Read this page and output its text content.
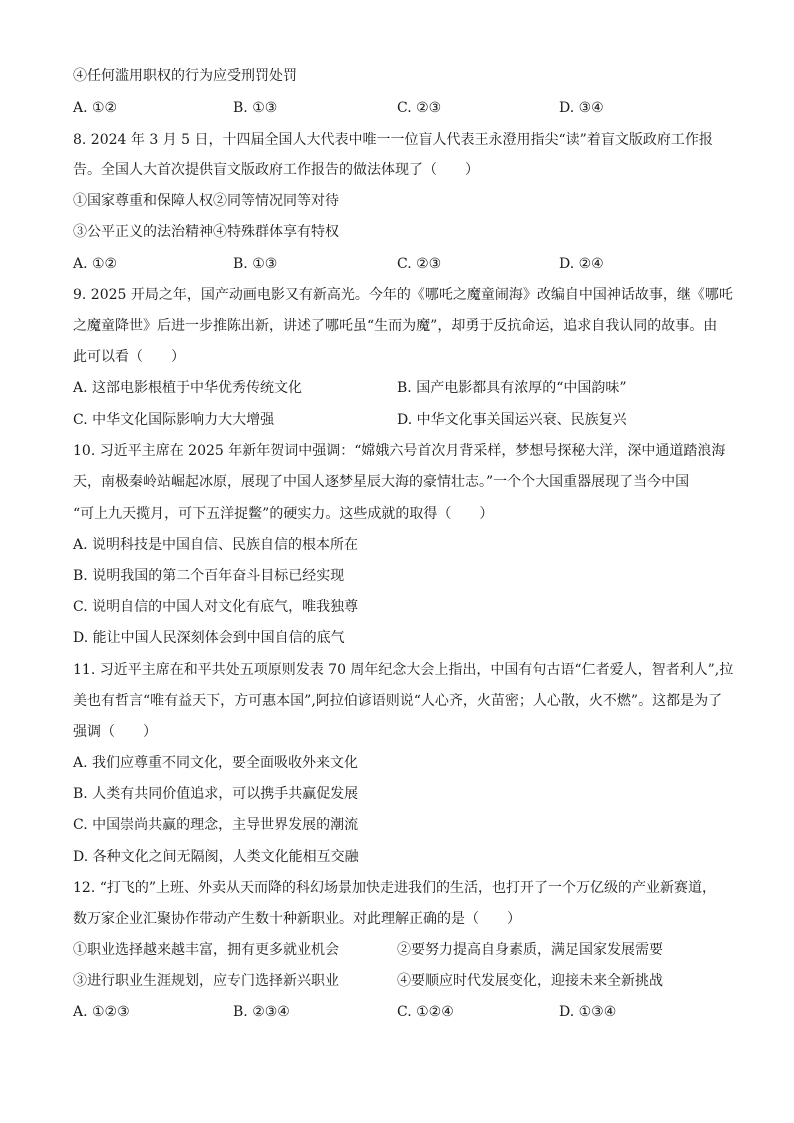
④任何滥用职权的行为应受刑罚处罚
A. ①②	B. ①③	C. ②③	D. ③④
8. 2024 年 3 月 5 日，十四届全国人大代表中唯一一位盲人代表王永澄用指尖“读”着盲文版政府工作报
告。全国人大首次提供盲文版政府工作报告的做法体现了（　　）
①国家尊重和保障人权②同等情况同等对待
③公平正义的法治精神④特殊群体享有特权
A. ①②	B. ①③	C. ②③	D. ②④
9. 2025 开局之年，国产动画电影又有新高光。今年的《哪吒之魔童闹海》改编自中国神话故事，继《哪吒
之魔童降世》后进一步推陈出新，讲述了哪吒虽“生而为魔”，却勇于反抗命运，追求自我认同的故事。由
此可以看（　　）
A. 这部电影根植于中华优秀传统文化	B. 国产电影都具有浓厚的“中国韵味”
C. 中华文化国际影响力大大增强	D. 中华文化事关国运兴衰、民族复兴
10. 习近平主席在 2025 年新年贺词中强调：“嫦娥六号首次月背采样，梦想号探秘大洋，深中通道踏浪海
天，南极秦岭站崛起冰原，展现了中国人逐梦星辰大海的豪情壮志。”一个个大国重器展现了当今中国
“可上九天揽月，可下五洋捉鳖”的硬实力。这些成就的取得（　　）
A. 说明科技是中国自信、民族自信的根本所在
B. 说明我国的第二个百年奋斗目标已经实现
C. 说明自信的中国人对文化有底气，唯我独尊
D. 能让中国人民深刻体会到中国自信的底气
11. 习近平主席在和平共处五项原则发表 70 周年纪念大会上指出，中国有句古语“仁者爱人，智者利人”,拉
美也有哲言“唯有益天下，方可惠本国”,阿拉伯谚语则说“人心齐，火苗密；人心散，火不燃”。这都是为了
强调（　　）
A. 我们应尊重不同文化，要全面吸收外来文化
B. 人类有共同价值追求，可以携手共赢促发展
C. 中国崇尚共赢的理念，主导世界发展的潮流
D. 各种文化之间无隔阂，人类文化能相互交融
12. “打飞的”上班、外卖从天而降的科幻场景加快走进我们的生活，也打开了一个万亿级的产业新赛道，
数万家企业汇聚协作带动产生数十种新职业。对此理解正确的是（　　）
①职业选择越来越丰富，拥有更多就业机会	②要努力提高自身素质，满足国家发展需要
③进行职业生涯规划，应专门选择新兴职业	④要顺应时代发展变化，迎接未来全新挑战
A. ①②③	B. ②③④	C. ①②④	D. ①③④
